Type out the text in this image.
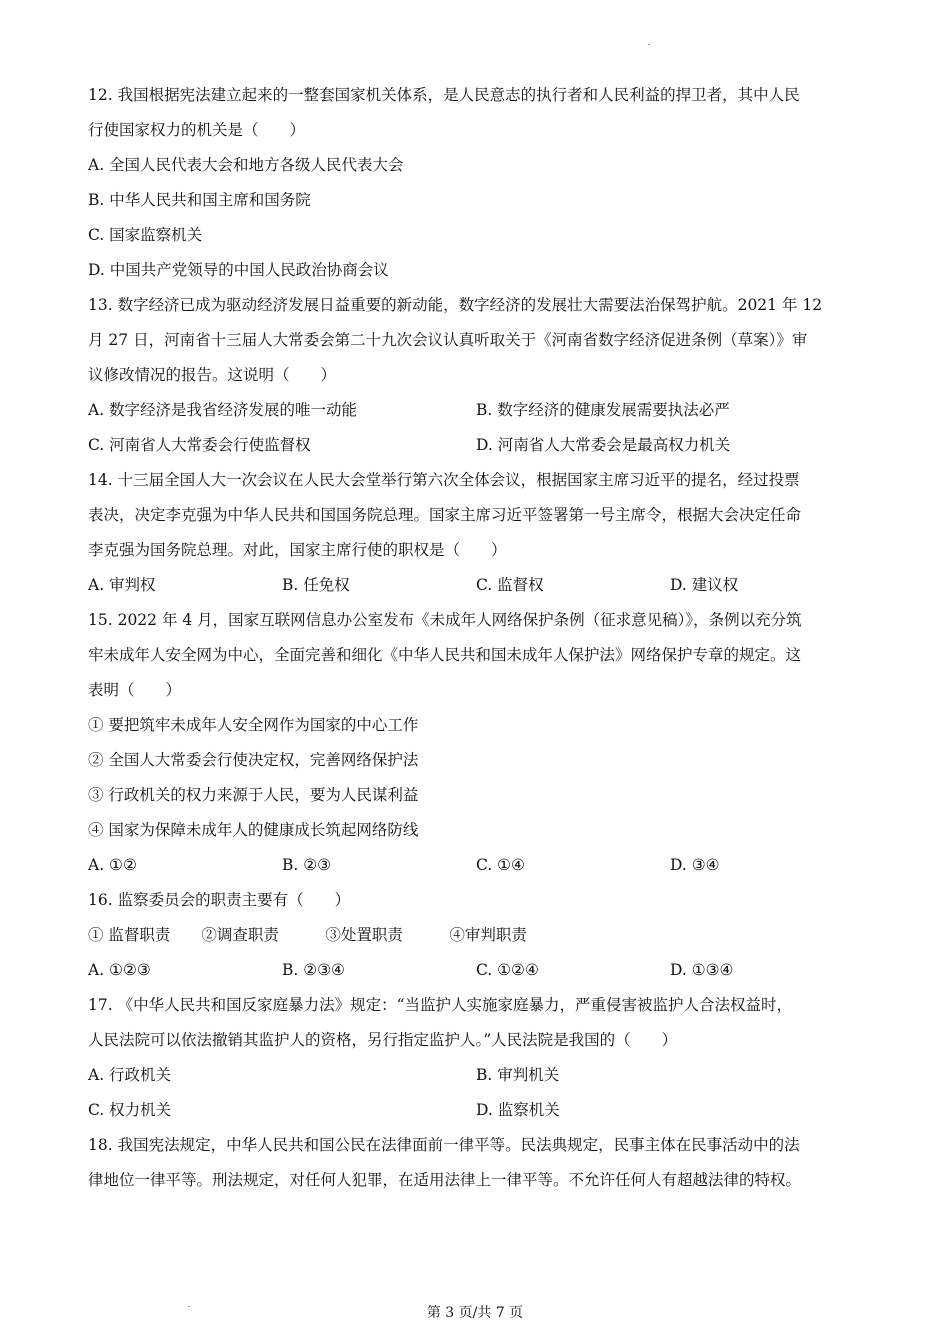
12. 我国根据宪法建立起来的一整套国家机关体系，是人民意志的执行者和人民利益的捍卫者，其中人民
行使国家权力的机关是（　　）
A. 全国人民代表大会和地方各级人民代表大会
B. 中华人民共和国主席和国务院
C. 国家监察机关
D. 中国共产党领导的中国人民政治协商会议
13. 数字经济已成为驱动经济发展日益重要的新动能，数字经济的发展壮大需要法治保驾护航。2021 年 12
月 27 日，河南省十三届人大常委会第二十九次会议认真听取关于《河南省数字经济促进条例（草案）》审
议修改情况的报告。这说明（　　）
A. 数字经济是我省经济发展的唯一动能	B. 数字经济的健康发展需要执法必严
C. 河南省人大常委会行使监督权	D. 河南省人大常委会是最高权力机关
14. 十三届全国人大一次会议在人民大会堂举行第六次全体会议，根据国家主席习近平的提名，经过投票
表决，决定李克强为中华人民共和国国务院总理。国家主席习近平签署第一号主席令，根据大会决定任命
李克强为国务院总理。对此，国家主席行使的职权是（　　）
A. 审判权	B. 任免权	C. 监督权	D. 建议权
15. 2022 年 4 月，国家互联网信息办公室发布《未成年人网络保护条例（征求意见稿）》，条例以充分筑
牢未成年人安全网为中心，全面完善和细化《中华人民共和国未成年人保护法》网络保护专章的规定。这
表明（　　）
① 要把筑牢未成年人安全网作为国家的中心工作
② 全国人大常委会行使决定权，完善网络保护法
③ 行政机关的权力来源于人民，要为人民谋利益
④ 国家为保障未成年人的健康成长筑起网络防线
A. ①②	B. ②③	C. ①④	D. ③④
16. 监察委员会的职责主要有（　　）
① 监督职责　　②调查职责　　　③处置职责　　　④审判职责
A. ①②③	B. ②③④	C. ①②④	D. ①③④
17. 《中华人民共和国反家庭暴力法》规定：“当监护人实施家庭暴力，严重侵害被监护人合法权益时，
人民法院可以依法撤销其监护人的资格，另行指定监护人。”人民法院是我国的（　　）
A. 行政机关	B. 审判机关
C. 权力机关	D. 监察机关
18. 我国宪法规定，中华人民共和国公民在法律面前一律平等。民法典规定，民事主体在民事活动中的法
律地位一律平等。刑法规定，对任何人犯罪，在适用法律上一律平等。不允许任何人有超越法律的特权。
第 3 页/共 7 页
